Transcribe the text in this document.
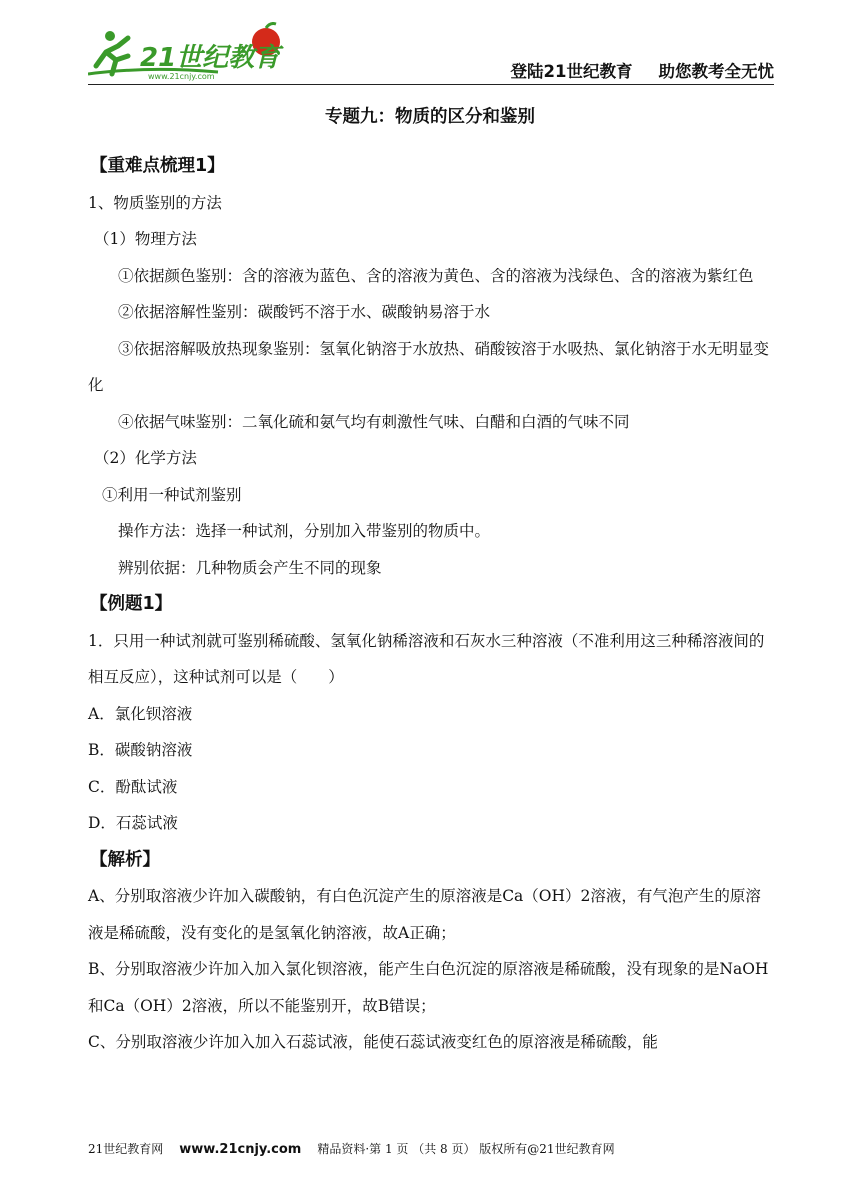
21世纪教育
www.21cnjy.com	登陆21世纪教育 助您教考全无忧
专题九：物质的区分和鉴别

【重难点梳理1】

1、物质鉴别的方法

（1）物理方法

①依据颜色鉴别：含的溶液为蓝色、含的溶液为黄色、含的溶液为浅绿色、含的溶液为紫红色

②依据溶解性鉴别：碳酸钙不溶于水、碳酸钠易溶于水

③依据溶解吸放热现象鉴别：氢氧化钠溶于水放热、硝酸铵溶于水吸热、氯化钠溶于水无明显变化

④依据气味鉴别：二氧化硫和氨气均有刺激性气味、白醋和白酒的气味不同

（2）化学方法

①利用一种试剂鉴别

操作方法：选择一种试剂，分别加入带鉴别的物质中。

辨别依据：几种物质会产生不同的现象

【例题1】

1．只用一种试剂就可鉴别稀硫酸、氢氧化钠稀溶液和石灰水三种溶液（不准利用这三种稀溶液间的相互反应），这种试剂可以是（　　）

A．氯化钡溶液

B．碳酸钠溶液

C．酚酞试液

D．石蕊试液

【解析】

A、分别取溶液少许加入碳酸钠，有白色沉淀产生的原溶液是Ca（OH）2溶液，有气泡产生的原溶液是稀硫酸，没有变化的是氢氧化钠溶液，故A正确；

B、分别取溶液少许加入加入氯化钡溶液，能产生白色沉淀的原溶液是稀硫酸，没有现象的是NaOH和Ca（OH）2溶液，所以不能鉴别开，故B错误；

C、分别取溶液少许加入加入石蕊试液，能使石蕊试液变红色的原溶液是稀硫酸，能

21世纪教育网 www.21cnjy.com 精品资料·第 1 页 （共 8 页） 版权所有@21世纪教育网
